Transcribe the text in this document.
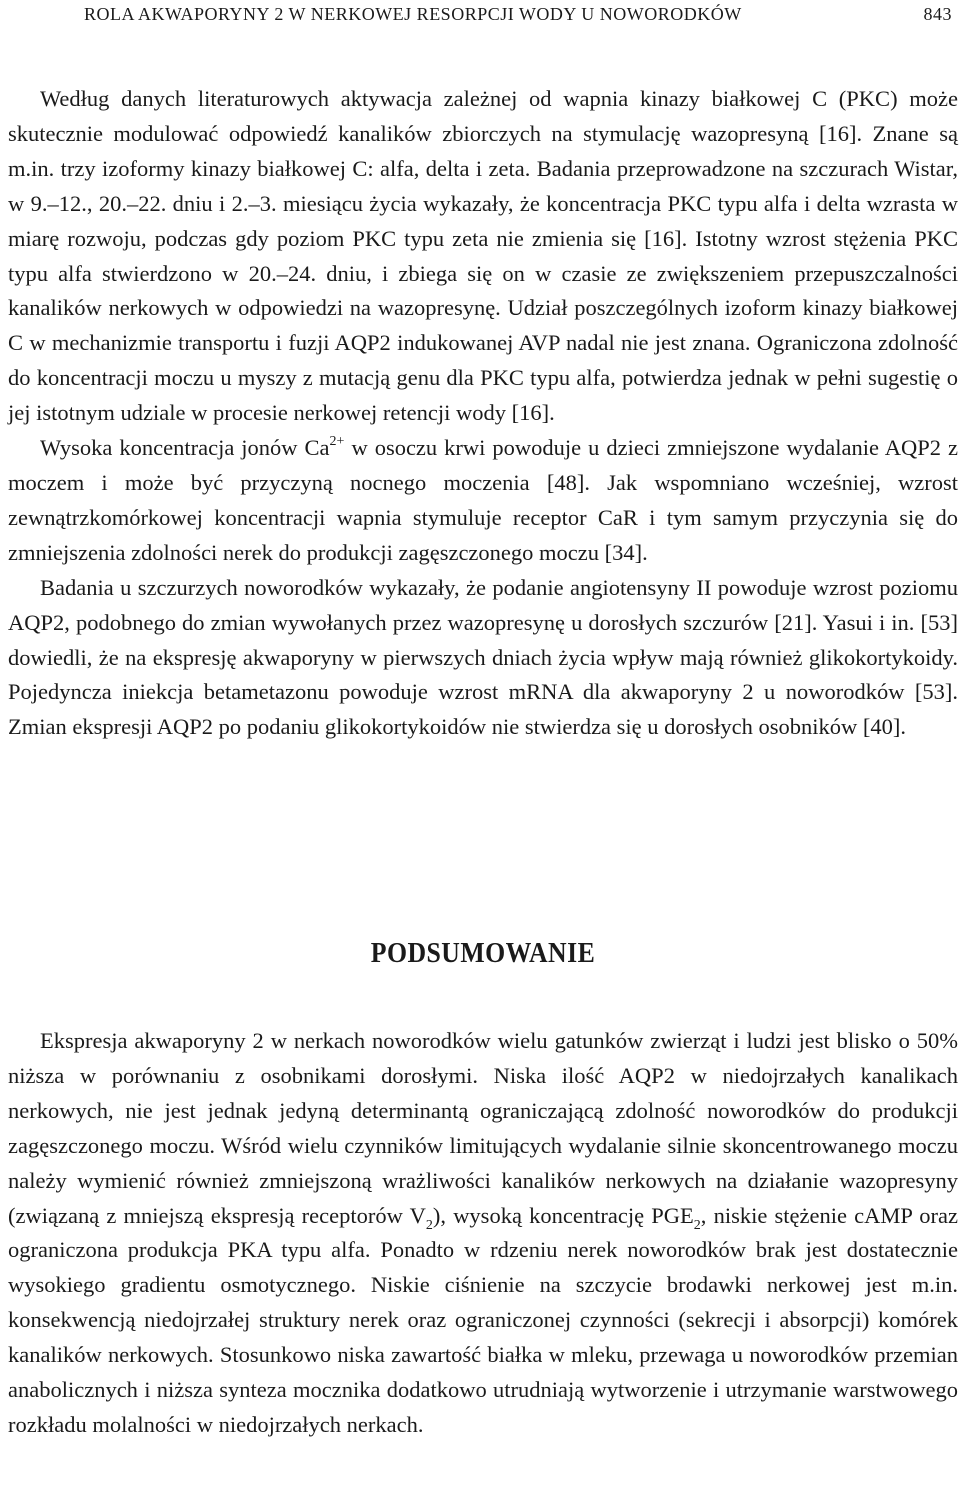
ROLA AKWAPORYNY 2 W NERKOWEJ RESORPCJI WODY U NOWORODKÓW	843

Według danych literaturowych aktywacja zależnej od wapnia kinazy białkowej C (PKC) może skutecznie modulować odpowiedź kanalików zbiorczych na stymulację wazopresyną [16]. Znane są m.in. trzy izoformy kinazy białkowej C: alfa, delta i zeta. Badania przeprowadzone na szczurach Wistar, w 9.–12., 20.–22. dniu i 2.–3. miesiącu życia wykazały, że koncentracja PKC typu alfa i delta wzrasta w miarę rozwoju, podczas gdy poziom PKC typu zeta nie zmienia się [16]. Istotny wzrost stężenia PKC typu alfa stwierdzono w 20.–24. dniu, i zbiega się on w czasie ze zwiększeniem przepuszczalności kanalików nerkowych w odpowiedzi na wazopresynę. Udział poszczególnych izoform kinazy białkowej C w mechanizmie transportu i fuzji AQP2 indukowanej AVP nadal nie jest znana. Ograniczona zdolność do koncentracji moczu u myszy z mutacją genu dla PKC typu alfa, potwierdza jednak w pełni sugestię o jej istotnym udziale w procesie nerkowej retencji wody [16].

Wysoka koncentracja jonów $Ca^{2+}$ w osoczu krwi powoduje u dzieci zmniejszone wydalanie AQP2 z moczem i może być przyczyną nocnego moczenia [48]. Jak wspomniano wcześniej, wzrost zewnątrzkomórkowej koncentracji wapnia stymuluje receptor CaR i tym samym przyczynia się do zmniejszenia zdolności nerek do produkcji zagęszczonego moczu [34].

Badania u szczurzych noworodków wykazały, że podanie angiotensyny II powoduje wzrost poziomu AQP2, podobnego do zmian wywołanych przez wazopresynę u dorosłych szczurów [21]. Yasui i in. [53] dowiedli, że na ekspresję akwaporyny w pierwszych dniach życia wpływ mają również glikokortykoidy. Pojedyncza iniekcja betametazonu powoduje wzrost mRNA dla akwaporyny 2 u noworodków [53]. Zmian ekspresji AQP2 po podaniu glikokortykoidów nie stwierdza się u dorosłych osobników [40].

PODSUMOWANIE

Ekspresja akwaporyny 2 w nerkach noworodków wielu gatunków zwierząt i ludzi jest blisko o 50% niższa w porównaniu z osobnikami dorosłymi. Niska ilość AQP2 w niedojrzałych kanalikach nerkowych, nie jest jednak jedyną determinantą ograniczającą zdolność noworodków do produkcji zagęszczonego moczu. Wśród wielu czynników limitujących wydalanie silnie skoncentrowanego moczu należy wymienić również zmniejszoną wrażliwości kanalików nerkowych na działanie wazopresyny (związaną z mniejszą ekspresją receptorów $V_2$), wysoką koncentrację $PGE_2$, niskie stężenie cAMP oraz ograniczona produkcja PKA typu alfa. Ponadto w rdzeniu nerek noworodków brak jest dostatecznie wysokiego gradientu osmotycznego. Niskie ciśnienie na szczycie brodawki nerkowej jest m.in. konsekwencją niedojrzałej struktury nerek oraz ograniczonej czynności (sekrecji i absorpcji) komórek kanalików nerkowych. Stosunkowo niska zawartość białka w mleku, przewaga u noworodków przemian anabolicznych i niższa synteza mocznika dodatkowo utrudniają wytworzenie i utrzymanie warstwowego rozkładu molalności w niedojrzałych nerkach.
